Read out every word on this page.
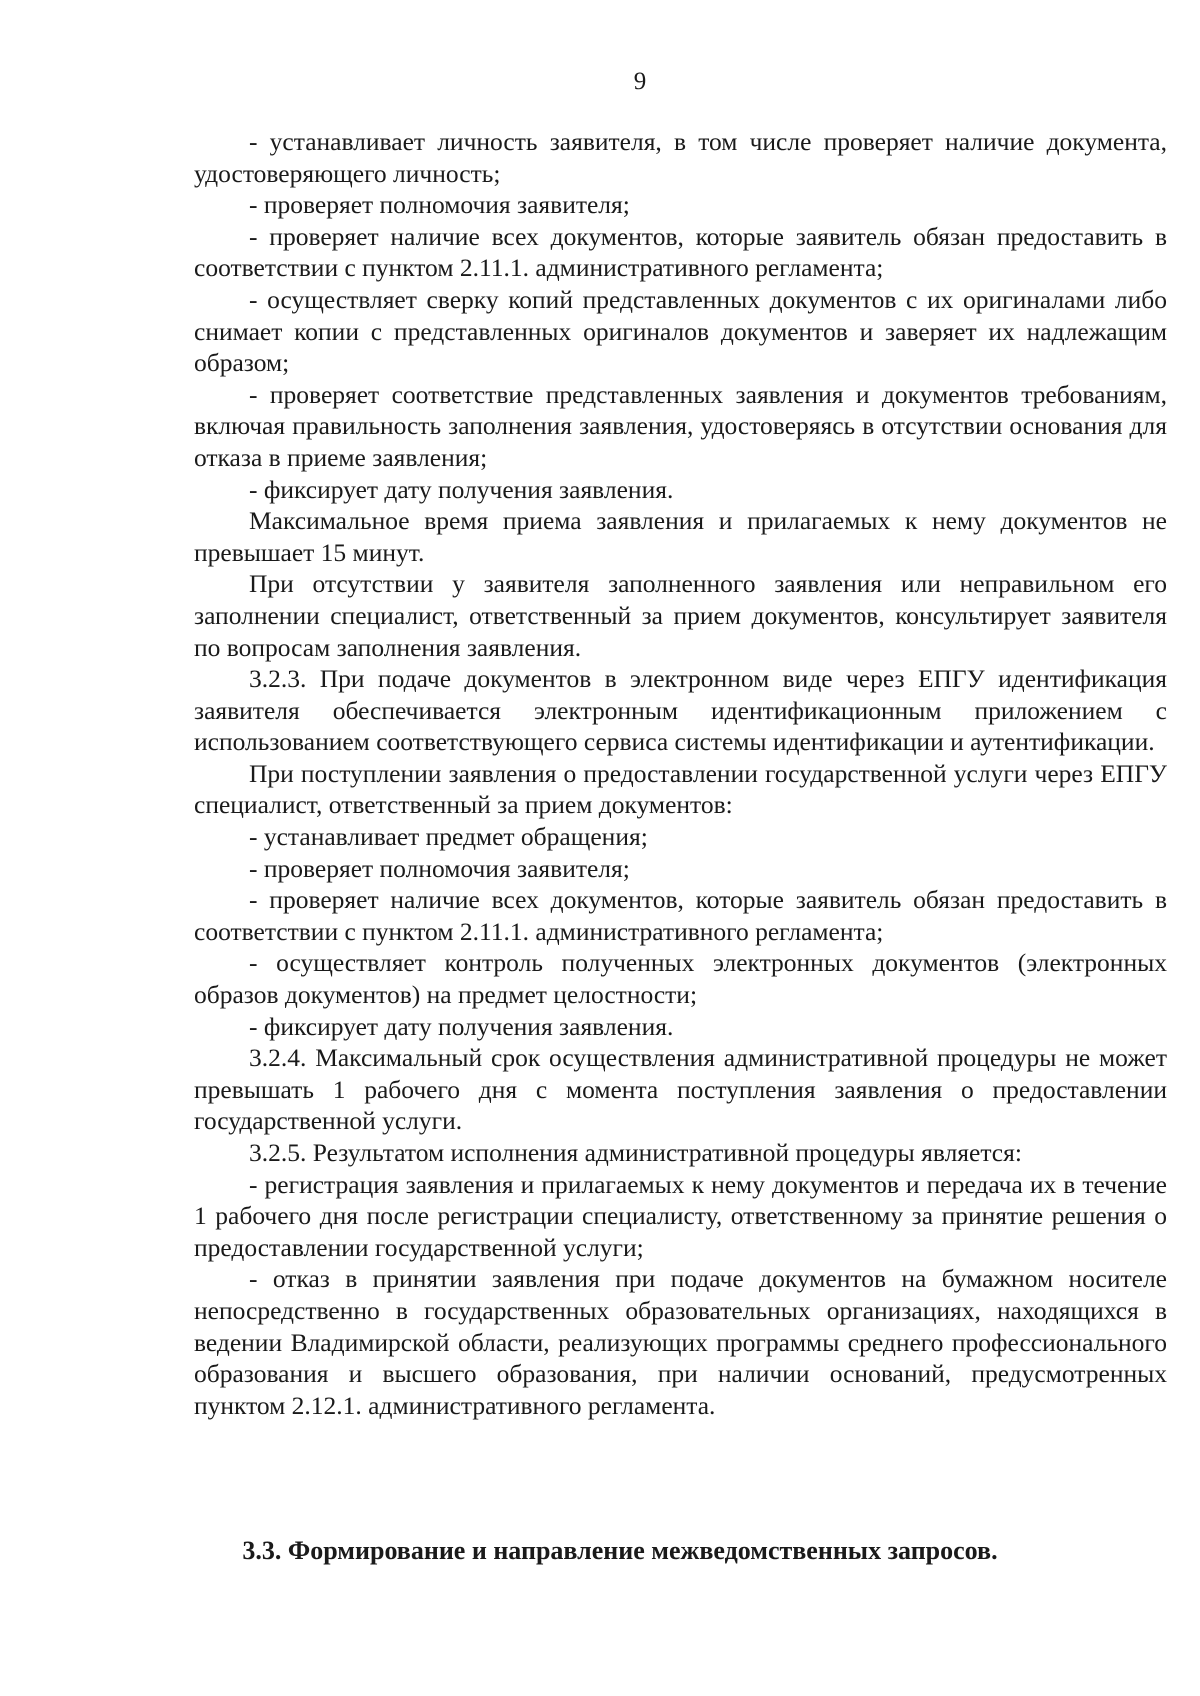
9

- устанавливает личность заявителя, в том числе проверяет наличие документа, удостоверяющего личность;

- проверяет полномочия заявителя;

- проверяет наличие всех документов, которые заявитель обязан предоставить в соответствии с пунктом 2.11.1. административного регламента;

- осуществляет сверку копий представленных документов с их оригиналами либо снимает копии с представленных оригиналов документов и заверяет их надлежащим образом;

- проверяет соответствие представленных заявления и документов требованиям, включая правильность заполнения заявления, удостоверяясь в отсутствии основания для отказа в приеме заявления;

- фиксирует дату получения заявления.

Максимальное время приема заявления и прилагаемых к нему документов не превышает 15 минут.

При отсутствии у заявителя заполненного заявления или неправильном его заполнении специалист, ответственный за прием документов, консультирует заявителя по вопросам заполнения заявления.

3.2.3. При подаче документов в электронном виде через ЕПГУ идентификация заявителя обеспечивается электронным идентификационным приложением с использованием соответствующего сервиса системы идентификации и аутентификации.

При поступлении заявления о предоставлении государственной услуги через ЕПГУ специалист, ответственный за прием документов:

- устанавливает предмет обращения;

- проверяет полномочия заявителя;

- проверяет наличие всех документов, которые заявитель обязан предоставить в соответствии с пунктом 2.11.1. административного регламента;

- осуществляет контроль полученных электронных документов (электронных образов документов) на предмет целостности;

- фиксирует дату получения заявления.

3.2.4. Максимальный срок осуществления административной процедуры не может превышать 1 рабочего дня с момента поступления заявления о предоставлении государственной услуги.

3.2.5. Результатом исполнения административной процедуры является:

- регистрация заявления и прилагаемых к нему документов и передача их в течение 1 рабочего дня после регистрации специалисту, ответственному за принятие решения о предоставлении государственной услуги;

- отказ в принятии заявления при подаче документов на бумажном носителе непосредственно в государственных образовательных организациях, находящихся в ведении Владимирской области, реализующих программы среднего профессионального образования и высшего образования, при наличии оснований, предусмотренных пунктом 2.12.1. административного регламента.

3.3. Формирование и направление межведомственных запросов.
